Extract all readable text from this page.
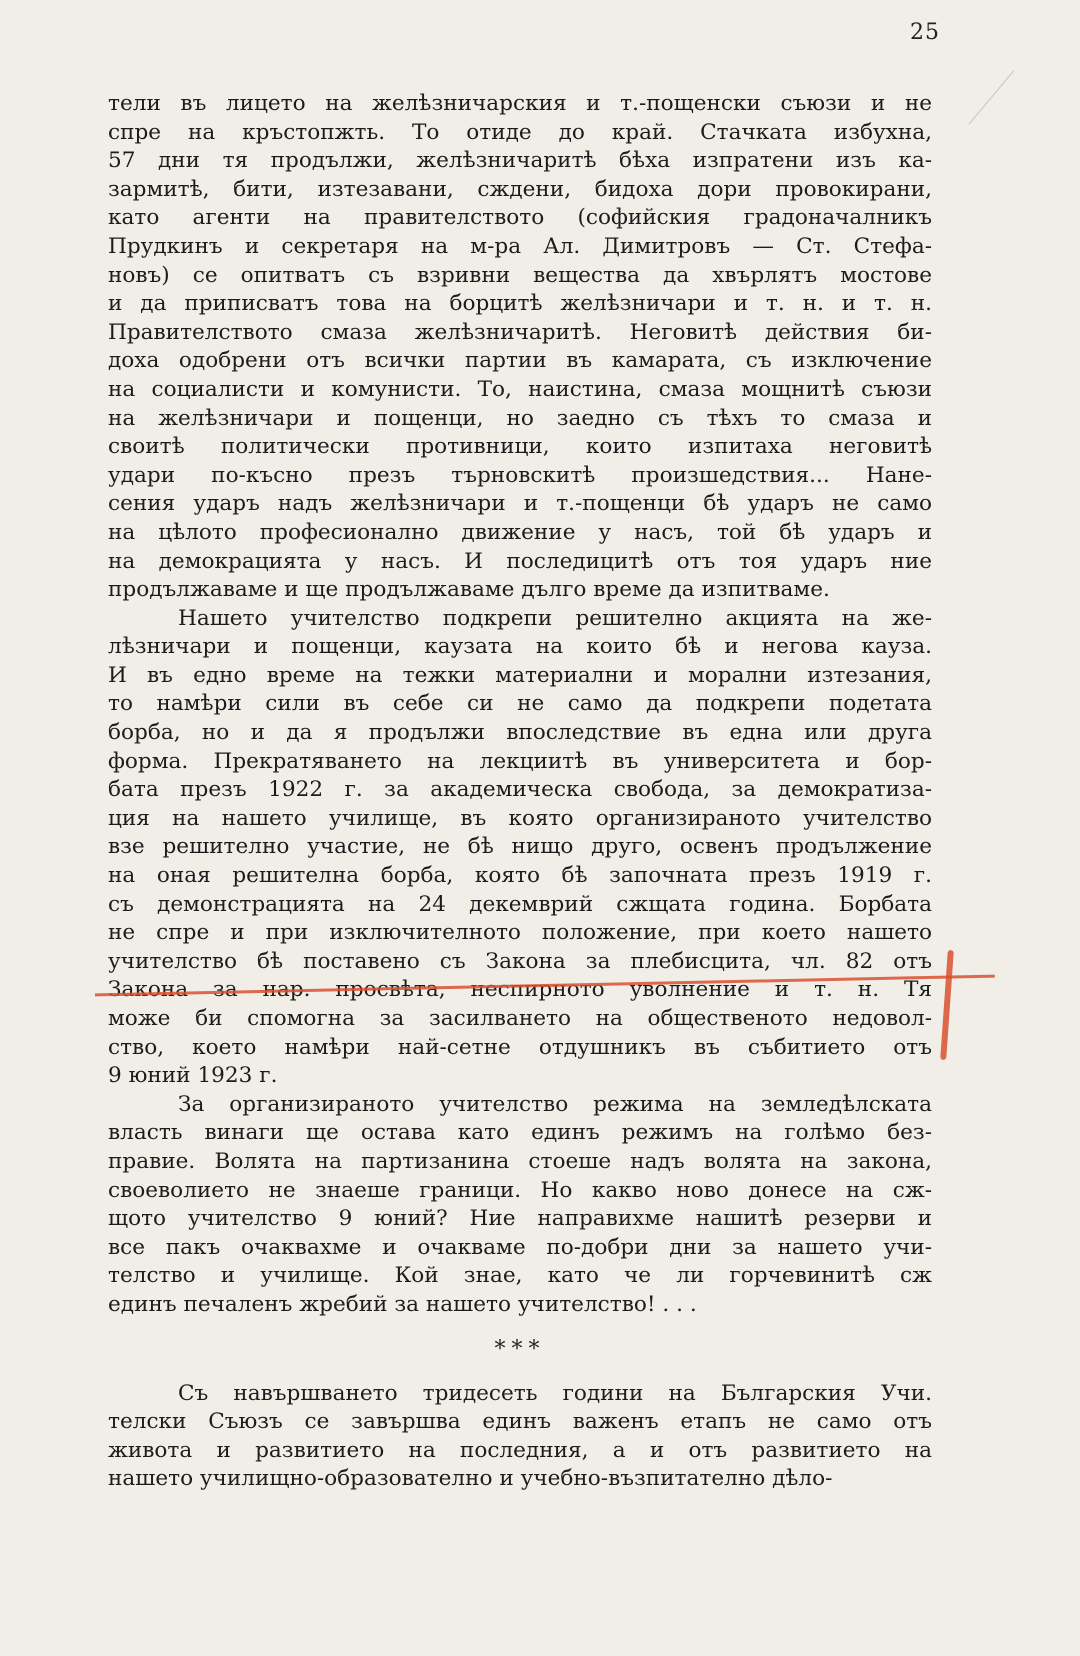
25
тели въ лицето на желѣзничарския и т.-пощенски съюзи и не
спре на кръстопжть. То отиде до край. Стачката избухна,
57 дни тя продължи, желѣзничаритѣ бѣха изпратени изъ ка-
зармитѣ, бити, изтезавани, сждени, бидоха дори провокирани,
като агенти на правителството (софийския градоначалникъ
Прудкинъ и секретаря на м-ра Ал. Димитровъ — Ст. Стефа-
новъ) се опитватъ съ взривни вещества да хвърлятъ мостове
и да приписватъ това на борцитѣ желѣзничари и т. н. и т. н.
Правителството смаза желѣзничаритѣ. Неговитѣ действия би-
доха одобрени отъ всички партии въ камарата, съ изключение
на социалисти и комунисти. То, наистина, смаза мощнитѣ съюзи
на желѣзничари и пощенци, но заедно съ тѣхъ то смаза и
своитѣ политически противници, които изпитаха неговитѣ
удари по-късно презъ търновскитѣ произшедствия... Нане-
сения ударъ надъ желѣзничари и т.-пощенци бѣ ударъ не само
на цѣлото професионално движение у насъ, той бѣ ударъ и
на демокрацията у насъ. И последицитѣ отъ тоя ударъ ние
продължаваме и ще продължаваме дълго време да изпитваме.
Нашето учителство подкрепи решително акцията на же-
лѣзничари и пощенци, каузата на които бѣ и негова кауза.
И въ едно време на тежки материални и морални изтезания,
то намѣри сили въ себе си не само да подкрепи подетата
борба, но и да я продължи впоследствие въ една или друга
форма. Прекратяването на лекциитѣ въ университета и бор-
бата презъ 1922 г. за академическа свобода, за демократиза-
ция на нашето училище, въ която организираното учителство
взе решително участие, не бѣ нищо друго, освенъ продължение
на оная решителна борба, която бѣ започната презъ 1919 г.
съ демонстрацията на 24 декемврий сжщата година. Борбата
не спре и при изключителното положение, при което нашето
учителство бѣ поставено съ Закона за плебисцита, чл. 82 отъ
Закона за нар. просвѣта, неспирното уволнение и т. н. Тя
може би спомогна за засилването на общественото недовол-
ство, което намѣри най-сетне отдушникъ въ събитието отъ
9 юний 1923 г.
За организираното учителство режима на земледѣлската
власть винаги ще остава като единъ режимъ на голѣмо без-
правие. Волята на партизанина стоеше надъ волята на закона,
своеволието не знаеше граници. Но какво ново донесе на сж-
щото учителство 9 юний? Ние направихме нашитѣ резерви и
все пакъ очаквахме и очакваме по-добри дни за нашето учи-
телство и училище. Кой знае, като че ли горчевинитѣ сж
единъ печаленъ жребий за нашето учителство! . . .
***
Съ навършването тридесеть години на Българския Учи.
телски Съюзъ се завършва единъ важенъ етапъ не само отъ
живота и развитието на последния, а и отъ развитието на
нашето училищно-образователно и учебно-възпитателно дѣло-
